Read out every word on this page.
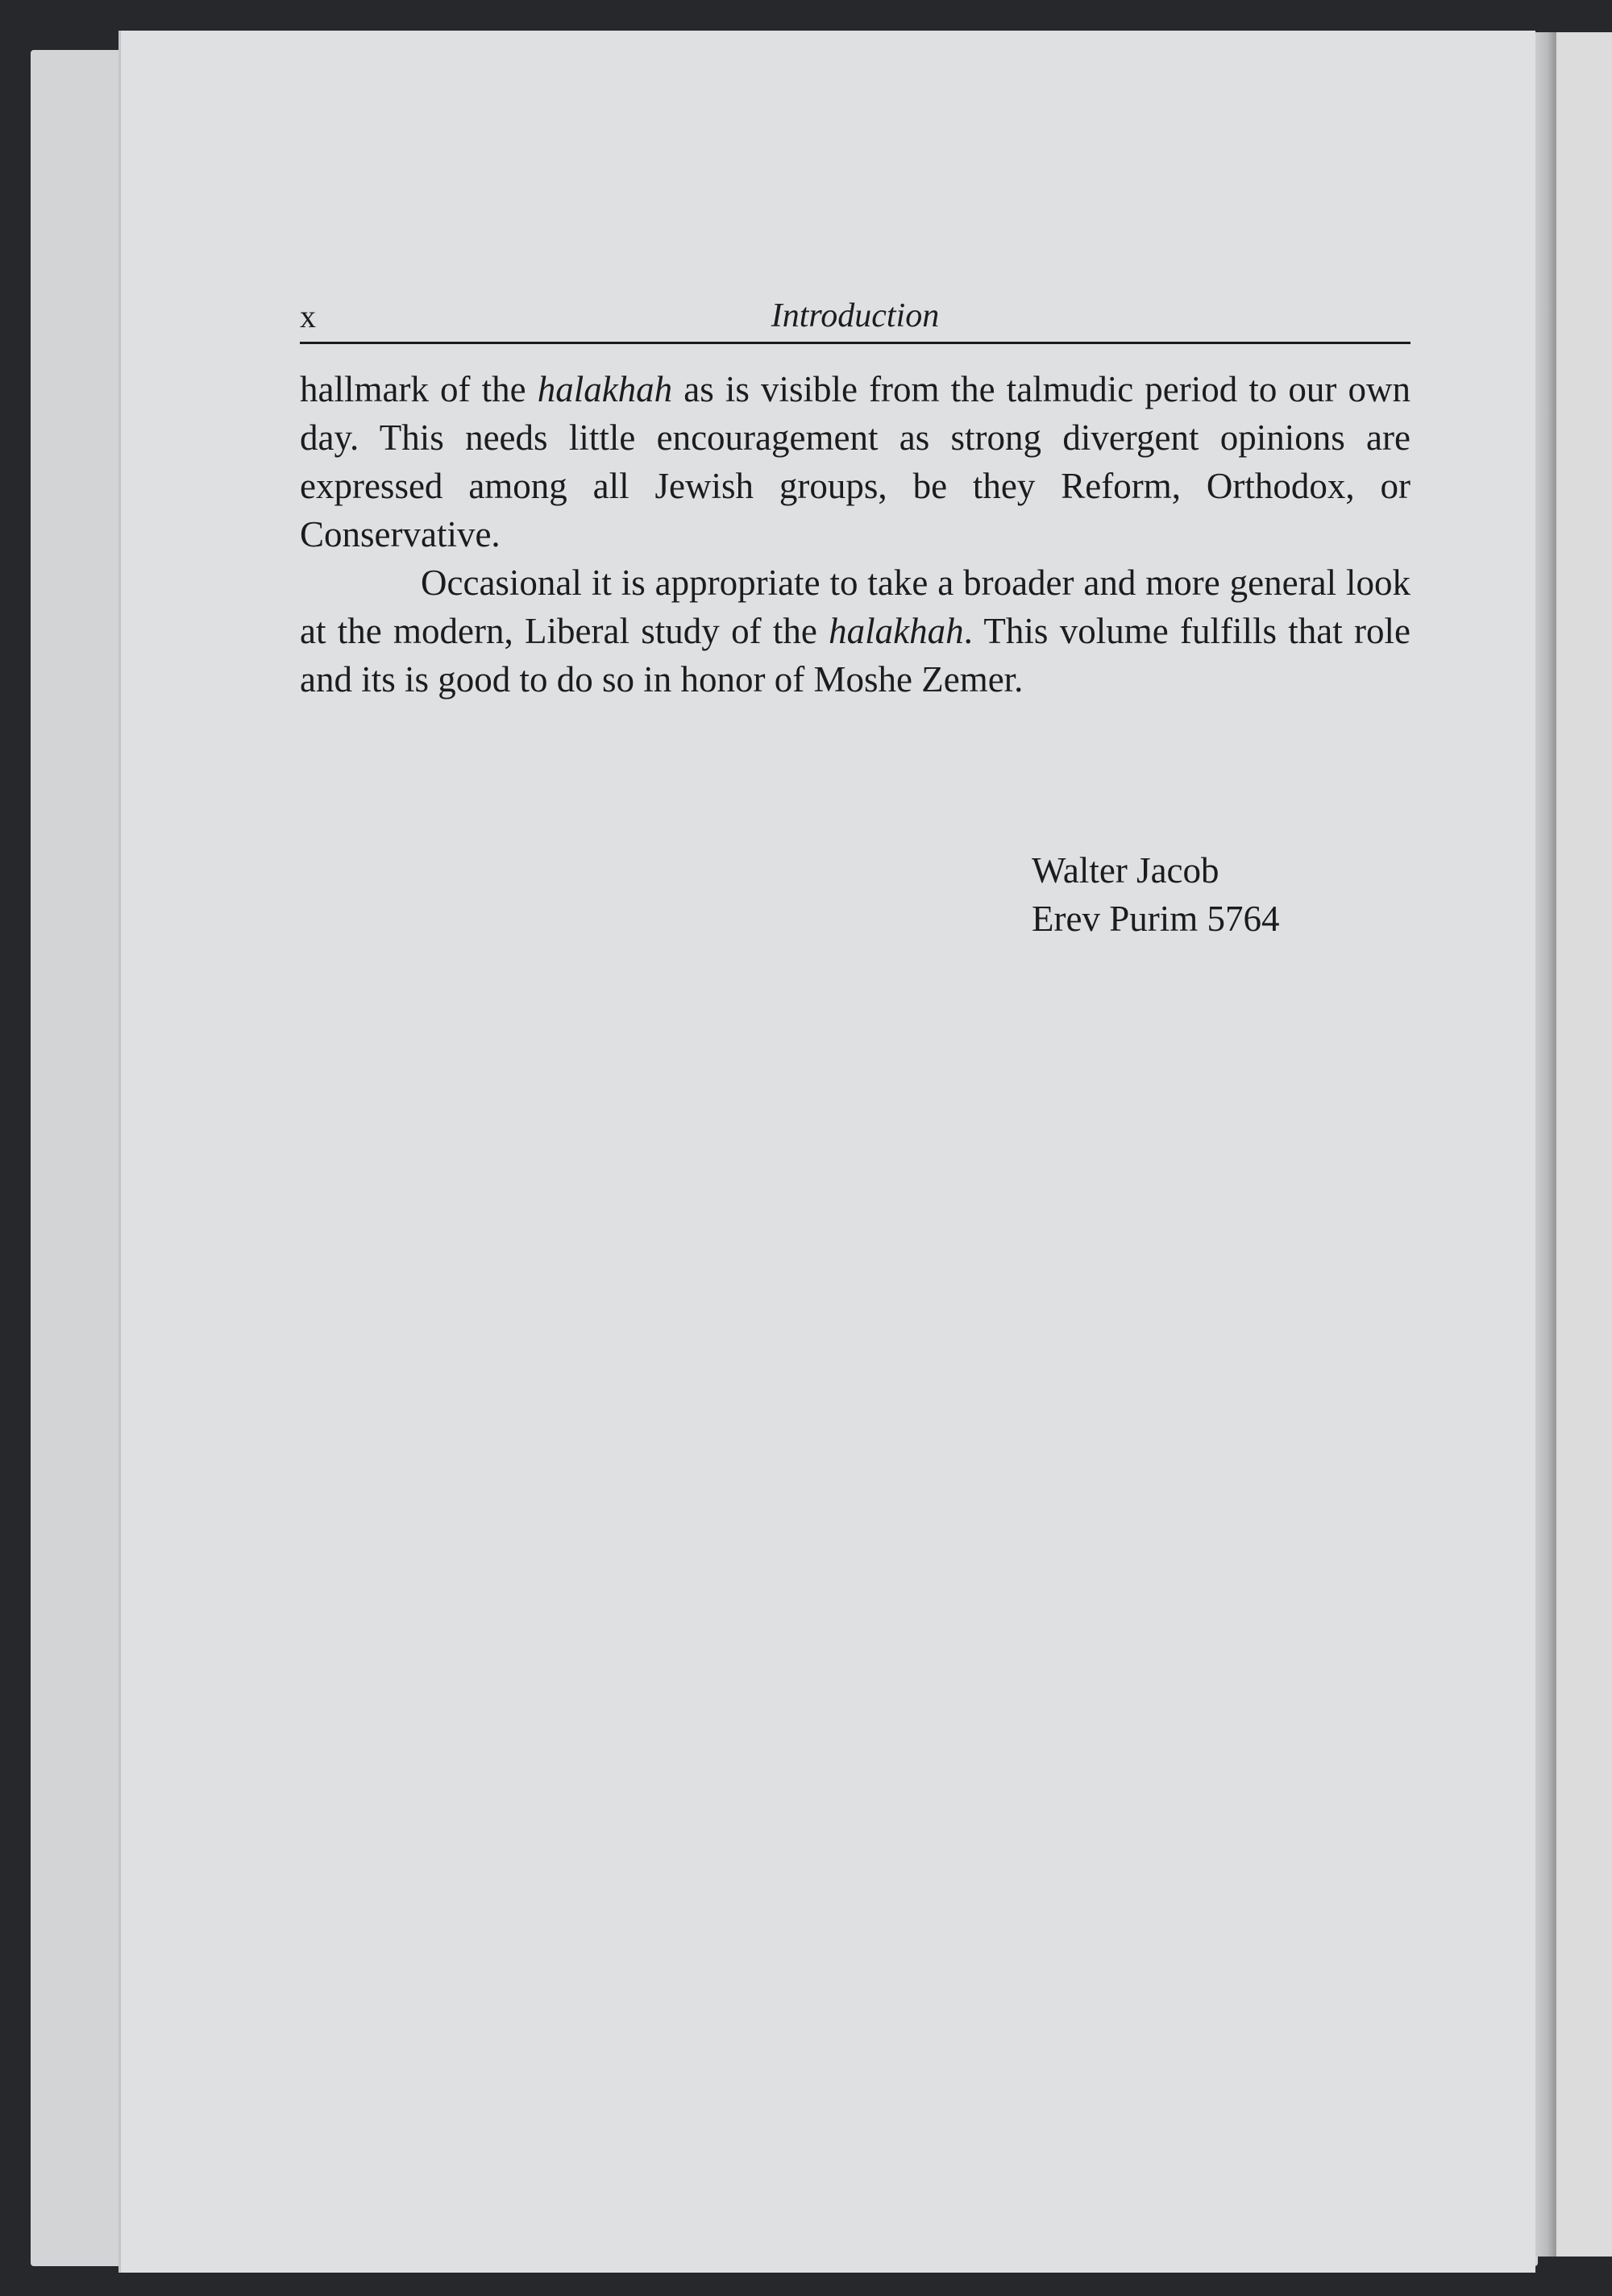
x	Introduction

hallmark of the halakhah as is visible from the talmudic period to our own day. This needs little encouragement as strong divergent opinions are expressed among all Jewish groups, be they Reform, Orthodox, or Conservative.

Occasional it is appropriate to take a broader and more general look at the modern, Liberal study of the halakhah. This volume fulfills that role and its is good to do so in honor of Moshe Zemer.

Walter Jacob
Erev Purim 5764
